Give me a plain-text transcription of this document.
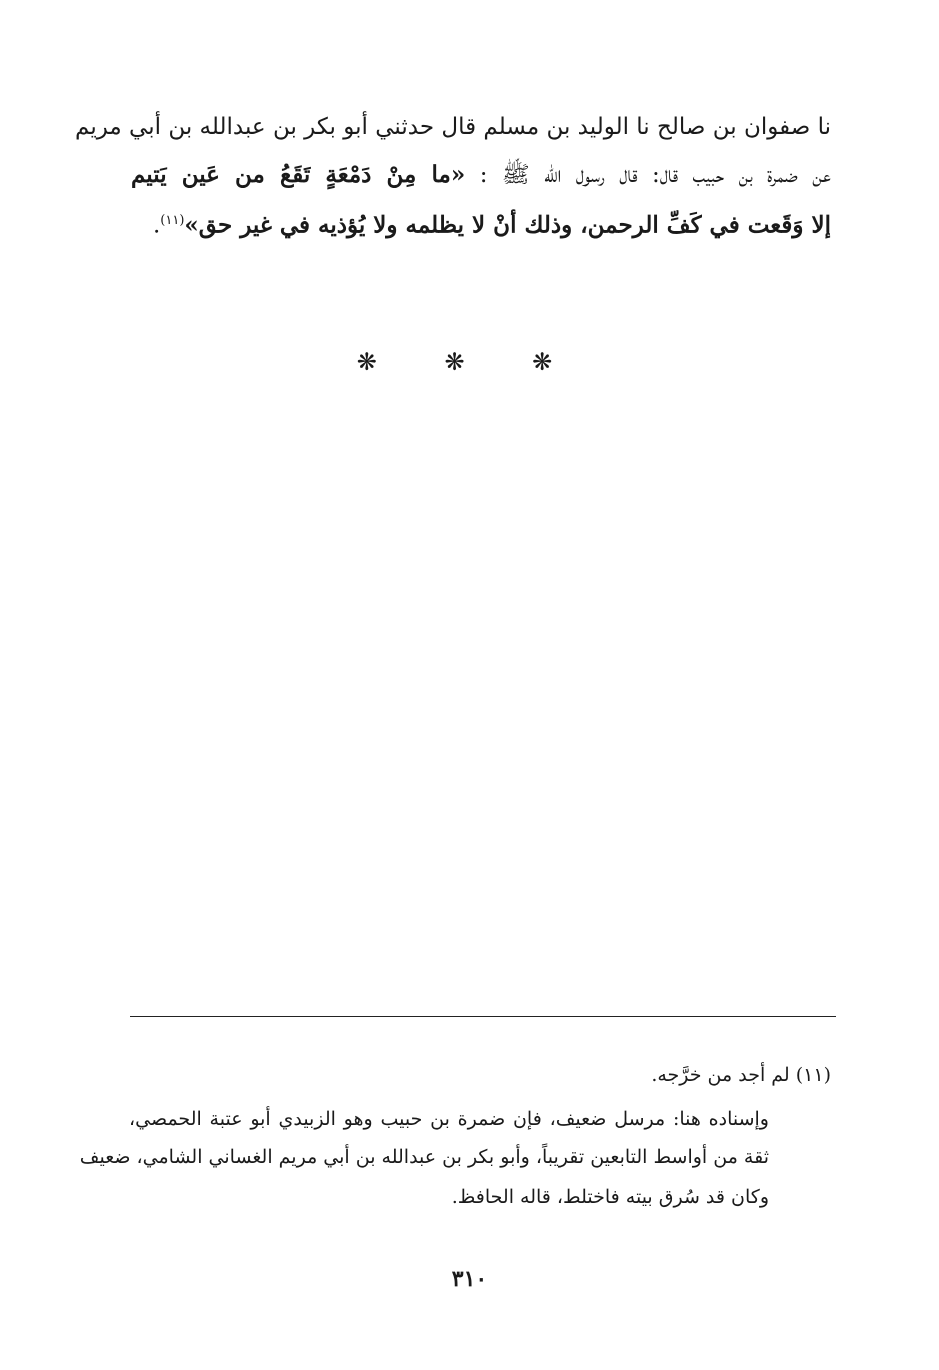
نا صفوان بن صالح نا الوليد بن مسلم قال حدثني أبو بكر بن عبدالله بن أبي مريم
عن ضمرة بن حبيب قال: قال رسول الله ﷺ : «ما مِنْ دَمْعَةٍ تَقَعُ من عَين يَتيم
إلا وَقَعت في كَفِّ الرحمن، وذلك أنْ لا يظلمه ولا يُؤذيه في غير حق»$^{(١١)}$.
❋ ❋ ❋
(١١) لم أجد من خرَّجه.
وإسناده هنا: مرسل ضعيف، فإن ضمرة بن حبيب وهو الزبيدي أبو عتبة الحمصي،
ثقة من أواسط التابعين تقريباً، وأبو بكر بن عبدالله بن أبي مريم الغساني الشامي، ضعيف
وكان قد سُرق بيته فاختلط، قاله الحافظ.
٣١٠
